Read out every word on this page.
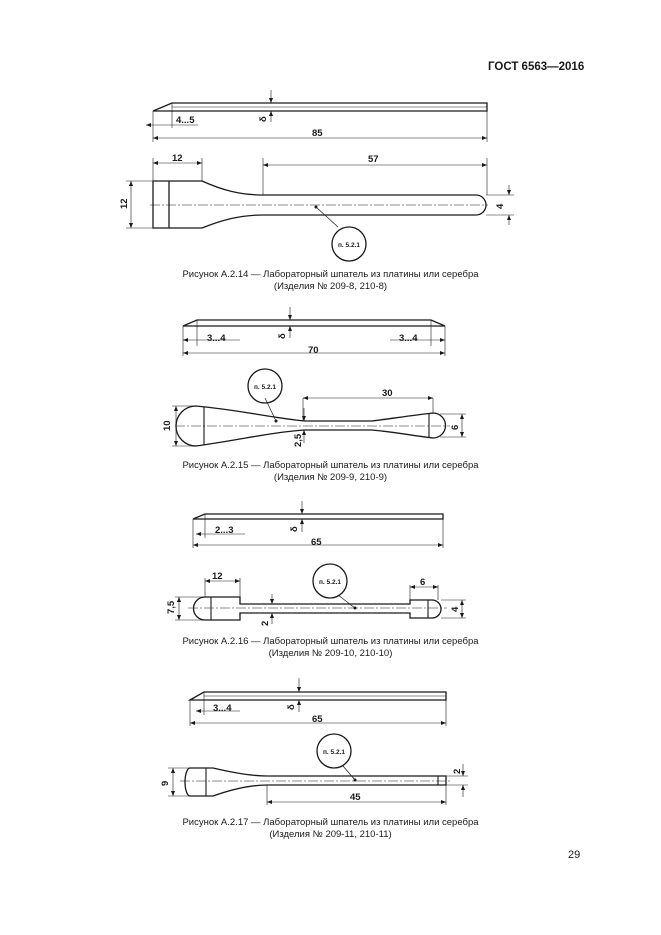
ГОСТ 6563—2016
4...5	δ
85
12	57
12	4
п. 5.2.1
Рисунок А.2.14 — Лабораторный шпатель из платины или серебра
(Изделия № 209-8, 210-8)
3...4	δ	3...4
70
п. 5.2.1
30
10
2,5
6
Рисунок А.2.15 — Лабораторный шпатель из платины или серебра
(Изделия № 209-9, 210-9)
2...3	δ
65
12
п. 5.2.1	6
7,5
2
4
Рисунок А.2.16 — Лабораторный шпатель из платины или серебра
(Изделия № 209-10, 210-10)
3...4	δ
65
п. 5.2.1
2
9
45
Рисунок А.2.17 — Лабораторный шпатель из платины или серебра
(Изделия № 209-11, 210-11)
29
